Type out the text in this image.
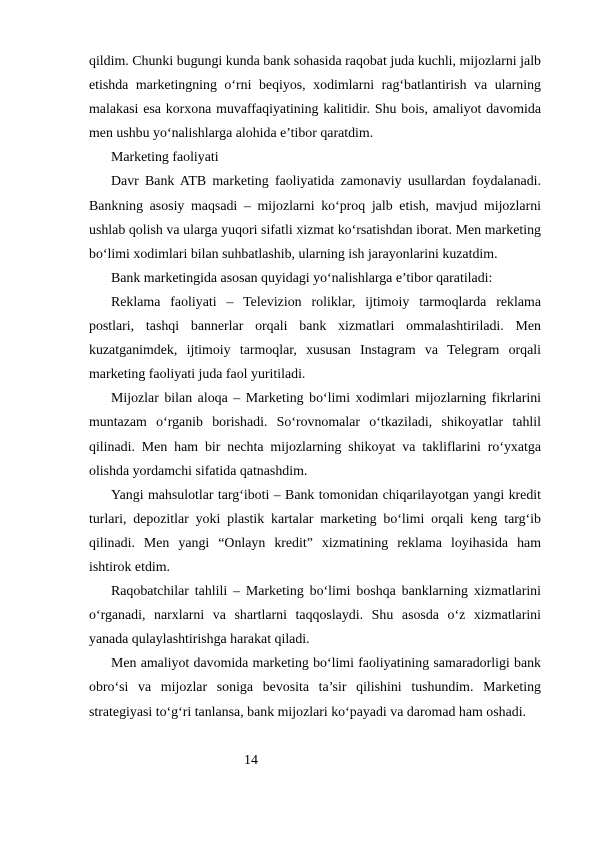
qildim. Chunki bugungi kunda bank sohasida raqobat juda kuchli, mijozlarni jalb etishda marketingning o‘rni beqiyos, xodimlarni rag‘batlantirish va ularning malakasi esa korxona muvaffaqiyatining kalitidir. Shu bois, amaliyot davomida men ushbu yo‘nalishlarga alohida e’tibor qaratdim.

Marketing faoliyati

Davr Bank ATB marketing faoliyatida zamonaviy usullardan foydalanadi. Bankning asosiy maqsadi – mijozlarni ko‘proq jalb etish, mavjud mijozlarni ushlab qolish va ularga yuqori sifatli xizmat ko‘rsatishdan iborat. Men marketing bo‘limi xodimlari bilan suhbatlashib, ularning ish jarayonlarini kuzatdim.

Bank marketingida asosan quyidagi yo‘nalishlarga e’tibor qaratiladi:

Reklama faoliyati – Televizion roliklar, ijtimoiy tarmoqlarda reklama postlari, tashqi bannerlar orqali bank xizmatlari ommalashtiriladi. Men kuzatganimdek, ijtimoiy tarmoqlar, xususan Instagram va Telegram orqali marketing faoliyati juda faol yuritiladi.

Mijozlar bilan aloqa – Marketing bo‘limi xodimlari mijozlarning fikrlarini muntazam o‘rganib borishadi. So‘rovnomalar o‘tkaziladi, shikoyatlar tahlil qilinadi. Men ham bir nechta mijozlarning shikoyat va takliflarini ro‘yxatga olishda yordamchi sifatida qatnashdim.

Yangi mahsulotlar targ‘iboti – Bank tomonidan chiqarilayotgan yangi kredit turlari, depozitlar yoki plastik kartalar marketing bo‘limi orqali keng targ‘ib qilinadi. Men yangi “Onlayn kredit” xizmatining reklama loyihasida ham ishtirok etdim.

Raqobatchilar tahlili – Marketing bo‘limi boshqa banklarning xizmatlarini o‘rganadi, narxlarni va shartlarni taqqoslaydi. Shu asosda o‘z xizmatlarini yanada qulaylashtirishga harakat qiladi.

Men amaliyot davomida marketing bo‘limi faoliyatining samaradorligi bank obro‘si va mijozlar soniga bevosita ta’sir qilishini tushundim. Marketing strategiyasi to‘g‘ri tanlansa, bank mijozlari ko‘payadi va daromad ham oshadi.

14
